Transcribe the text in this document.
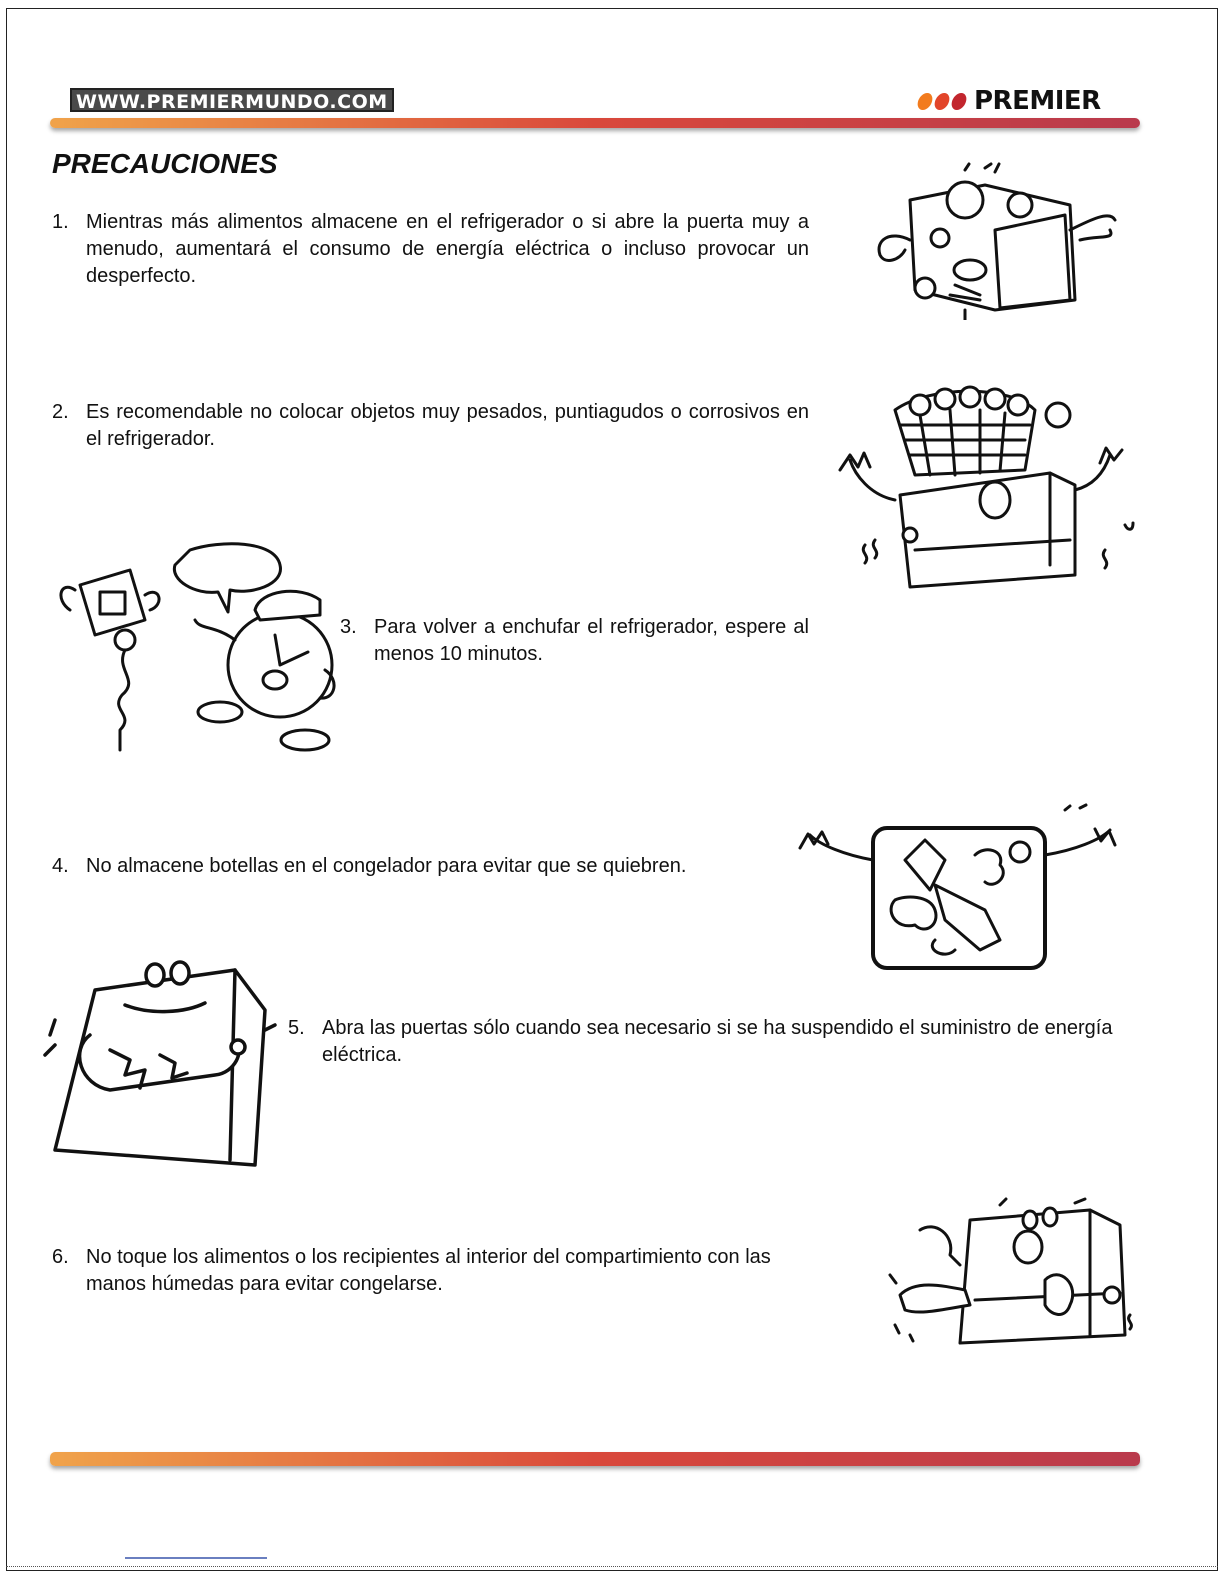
WWW.PREMIERMUNDO.COM	PREMIER
PRECAUCIONES
1. Mientras más alimentos almacene en el refrigerador o si abre la puerta muy a menudo, aumentará el consumo de energía eléctrica o incluso provocar un desperfecto.
2. Es recomendable no colocar objetos muy pesados, puntiagudos o corrosivos en el refrigerador.
3. Para volver a enchufar el refrigerador, espere al menos 10 minutos.
4. No almacene botellas en el congelador para evitar que se quiebren.
5. Abra las puertas sólo cuando sea necesario si se ha suspendido el suministro de energía eléctrica.
6. No toque los alimentos o los recipientes al interior del compartimiento con las manos húmedas para evitar congelarse.
